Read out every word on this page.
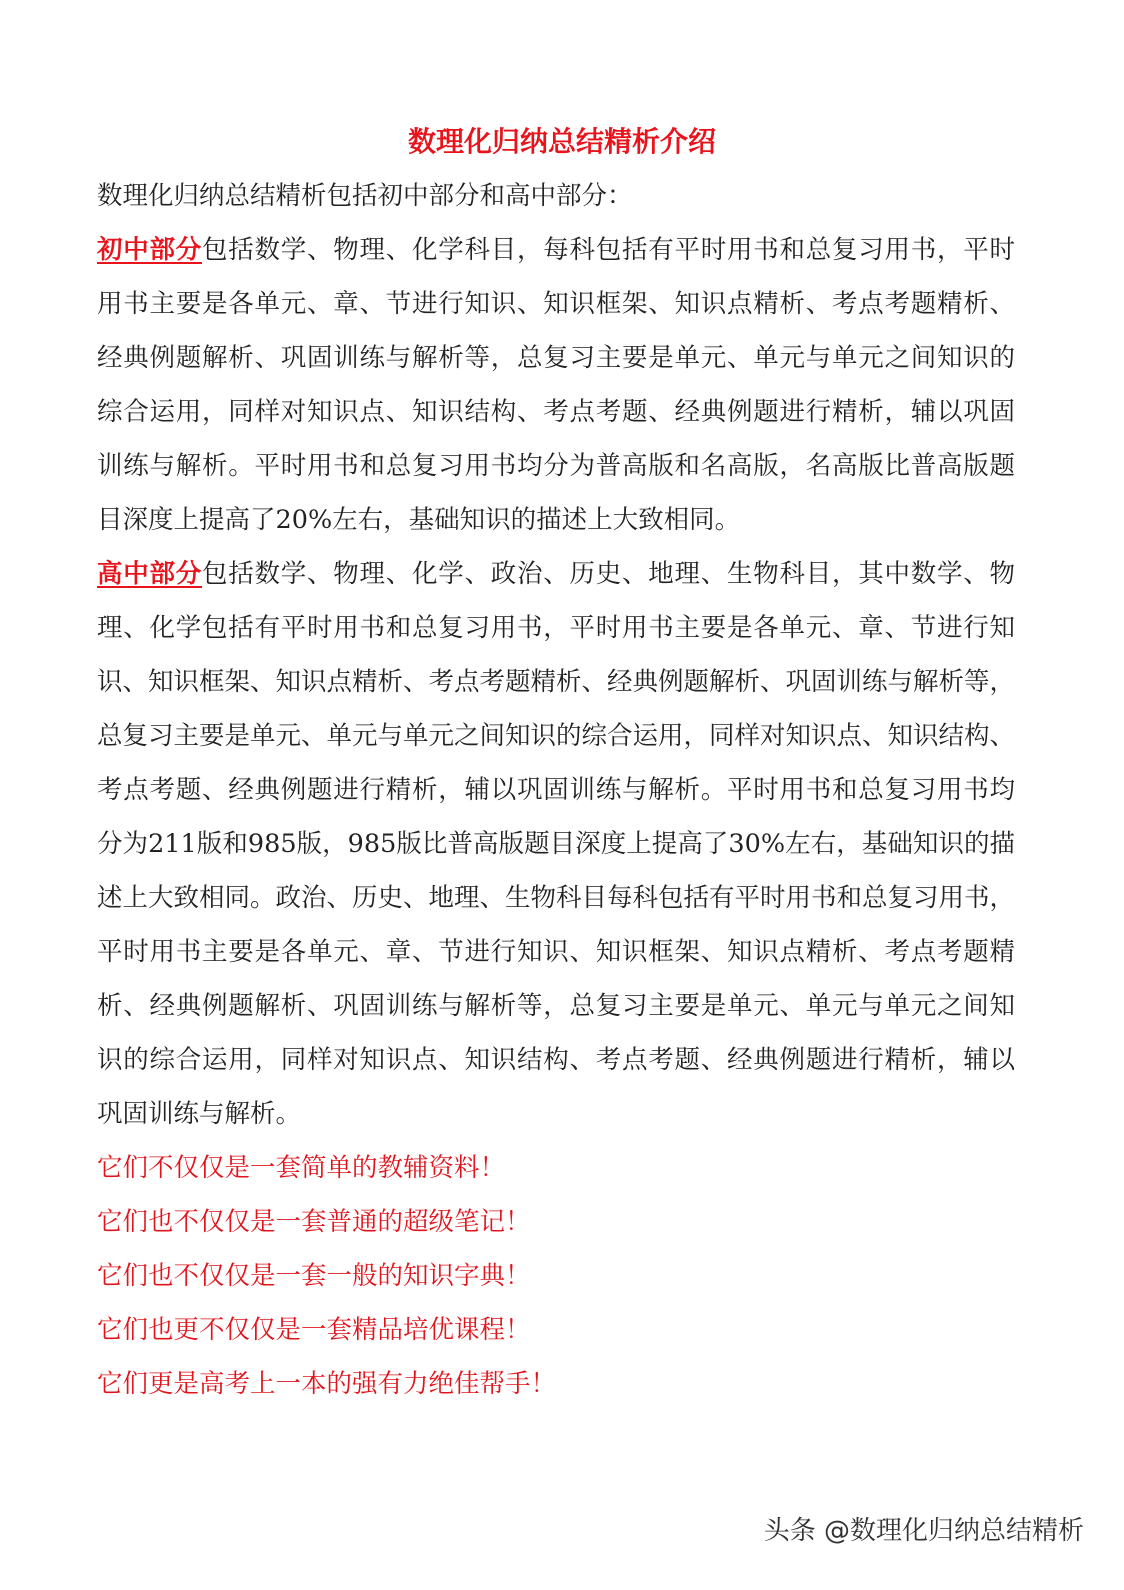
数理化归纳总结精析介绍
数理化归纳总结精析包括初中部分和高中部分：
初中部分包括数学、物理、化学科目，每科包括有平时用书和总复习用书，平时
用书主要是各单元、章、节进行知识、知识框架、知识点精析、考点考题精析、
经典例题解析、巩固训练与解析等，总复习主要是单元、单元与单元之间知识的
综合运用，同样对知识点、知识结构、考点考题、经典例题进行精析，辅以巩固
训练与解析。平时用书和总复习用书均分为普高版和名高版，名高版比普高版题
目深度上提高了20%左右，基础知识的描述上大致相同。
高中部分包括数学、物理、化学、政治、历史、地理、生物科目，其中数学、物
理、化学包括有平时用书和总复习用书，平时用书主要是各单元、章、节进行知
识、知识框架、知识点精析、考点考题精析、经典例题解析、巩固训练与解析等，
总复习主要是单元、单元与单元之间知识的综合运用，同样对知识点、知识结构、
考点考题、经典例题进行精析，辅以巩固训练与解析。平时用书和总复习用书均
分为211版和985版，985版比普高版题目深度上提高了30%左右，基础知识的描
述上大致相同。政治、历史、地理、生物科目每科包括有平时用书和总复习用书，
平时用书主要是各单元、章、节进行知识、知识框架、知识点精析、考点考题精
析、经典例题解析、巩固训练与解析等，总复习主要是单元、单元与单元之间知
识的综合运用，同样对知识点、知识结构、考点考题、经典例题进行精析，辅以
巩固训练与解析。
它们不仅仅是一套简单的教辅资料！
它们也不仅仅是一套普通的超级笔记！
它们也不仅仅是一套一般的知识字典！
它们也更不仅仅是一套精品培优课程！
它们更是高考上一本的强有力绝佳帮手！
头条 @数理化归纳总结精析
